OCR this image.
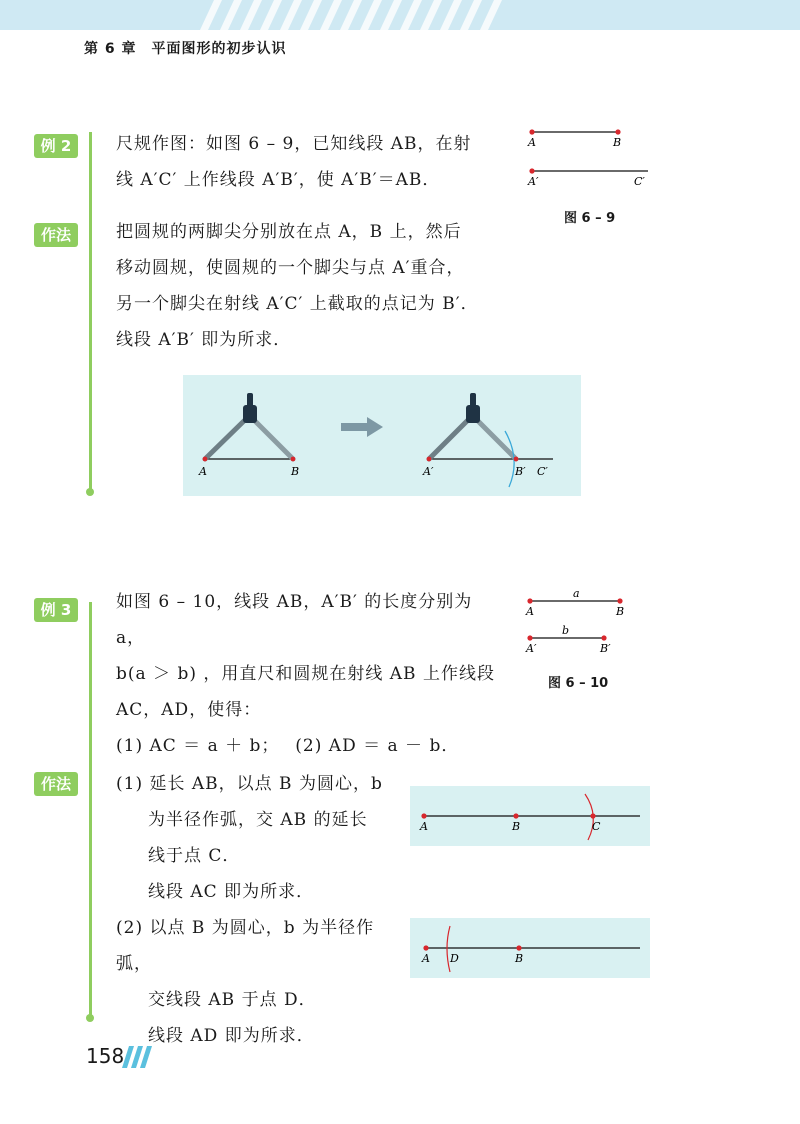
第 6 章　平面图形的初步认识
例 2
作法
尺规作图：如图 6 – 9，已知线段 AB，在射
线 A′C′ 上作线段 A′B′，使 A′B′＝AB．
把圆规的两脚尖分别放在点 A，B 上，然后
移动圆规，使圆规的一个脚尖与点 A′重合，
另一个脚尖在射线 A′C′ 上截取的点记为 B′．
线段 A′B′ 即为所求．
A	B
A′	C′
图 6 – 9
A	B	A′	B′ C′
例 3
作法
如图 6 – 10，线段 AB，A′B′ 的长度分别为 a，
b(a ＞ b) ，用直尺和圆规在射线 AB 上作线段
AC，AD，使得：
(1) AC ＝ a ＋ b；　 (2) AD ＝ a － b．
a
A	B
b
A′	B′
图 6 – 10
(1) 延长 AB，以点 B 为圆心，b
为半径作弧，交 AB 的延长
线于点 C．
线段 AC 即为所求．
(2) 以点 B 为圆心，b 为半径作弧，
交线段 AB 于点 D．
线段 AD 即为所求．
A	B	C
A D	B
158
